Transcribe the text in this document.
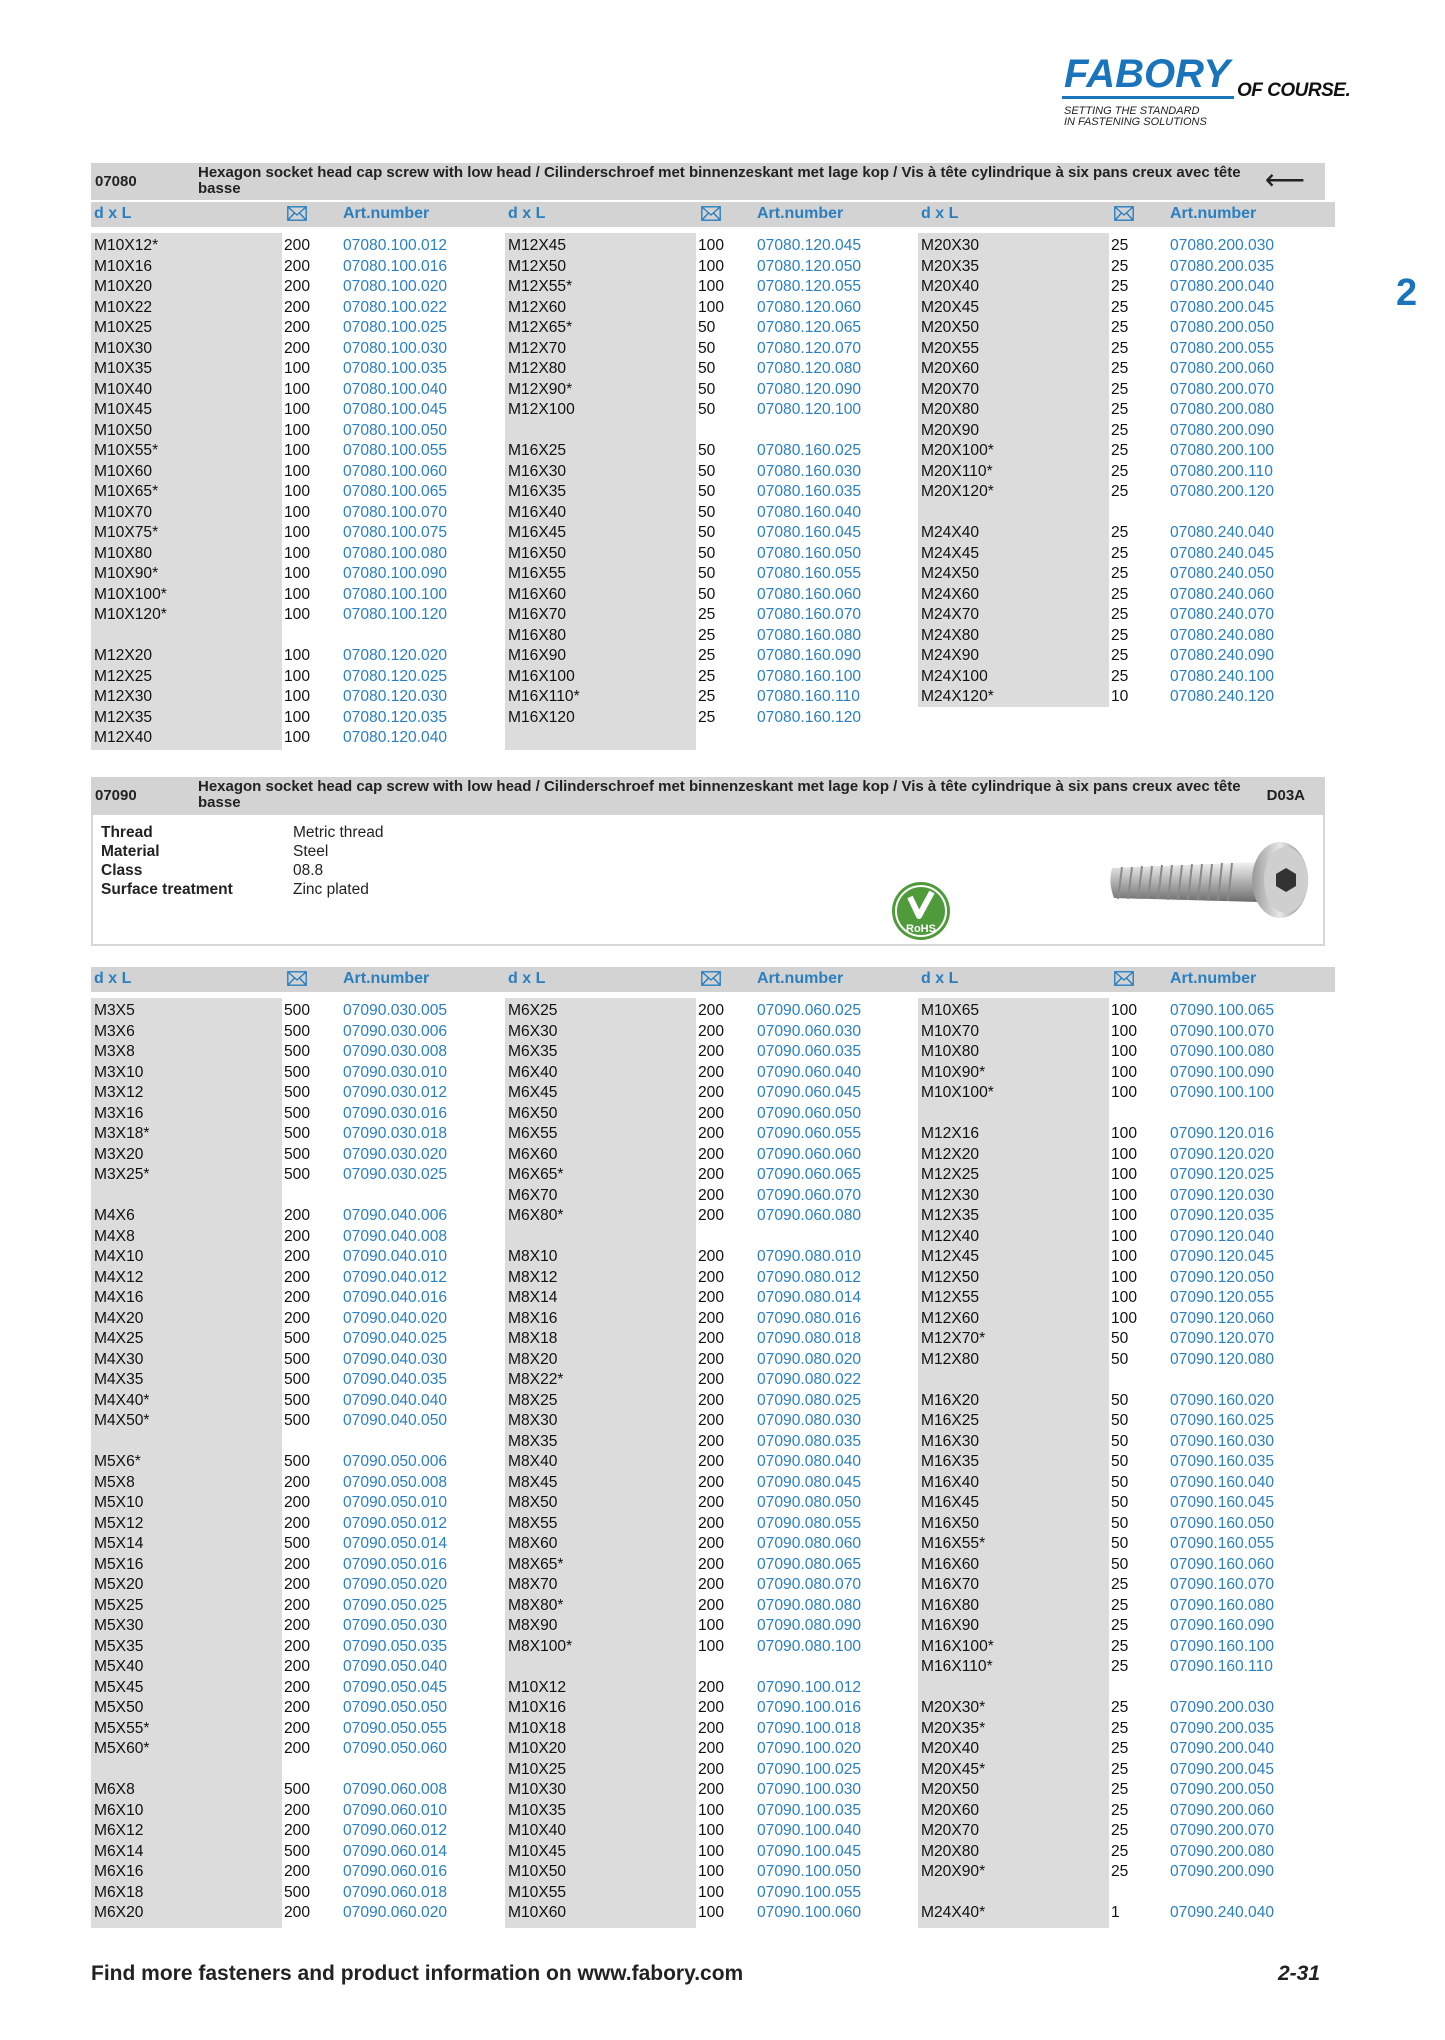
FABORY OF COURSE.
SETTING THE STANDARD
IN FASTENING SOLUTIONS
2
07080
Hexagon socket head cap screw with low head / Cilinderschroef met binnenzeskant met lage kop / Vis à tête cylindrique à six pans creux avec tête basse	⟵
d x L	Art.number
M10X12*	200 07080.100.012
M10X16	200 07080.100.016
M10X20	200 07080.100.020
M10X22	200 07080.100.022
M10X25	200 07080.100.025
M10X30	200 07080.100.030
M10X35	100 07080.100.035
M10X40	100 07080.100.040
M10X45	100 07080.100.045
M10X50	100 07080.100.050
M10X55*	100 07080.100.055
M10X60	100 07080.100.060
M10X65*	100 07080.100.065
M10X70	100 07080.100.070
M10X75*	100 07080.100.075
M10X80	100 07080.100.080
M10X90*	100 07080.100.090
M10X100*	100 07080.100.100
M10X120*	100 07080.100.120
M12X20	100 07080.120.020
M12X25	100 07080.120.025
M12X30	100 07080.120.030
M12X35	100 07080.120.035
M12X40	100 07080.120.040
d x L	Art.number
M12X45	100 07080.120.045
M12X50	100 07080.120.050
M12X55*	100 07080.120.055
M12X60	100 07080.120.060
M12X65*	50	07080.120.065
M12X70	50	07080.120.070
M12X80	50	07080.120.080
M12X90*	50	07080.120.090
M12X100	50	07080.120.100
M16X25	50	07080.160.025
M16X30	50	07080.160.030
M16X35	50	07080.160.035
M16X40	50	07080.160.040
M16X45	50	07080.160.045
M16X50	50	07080.160.050
M16X55	50	07080.160.055
M16X60	50	07080.160.060
M16X70	25	07080.160.070
M16X80	25	07080.160.080
M16X90	25	07080.160.090
M16X100	25	07080.160.100
M16X110*	25	07080.160.110
M16X120	25	07080.160.120
d x L	Art.number
M20X30	25	07080.200.030
M20X35	25	07080.200.035
M20X40	25	07080.200.040
M20X45	25	07080.200.045
M20X50	25	07080.200.050
M20X55	25	07080.200.055
M20X60	25	07080.200.060
M20X70	25	07080.200.070
M20X80	25	07080.200.080
M20X90	25	07080.200.090
M20X100*	25	07080.200.100
M20X110*	25	07080.200.110
M20X120*	25	07080.200.120
M24X40	25	07080.240.040
M24X45	25	07080.240.045
M24X50	25	07080.240.050
M24X60	25	07080.240.060
M24X70	25	07080.240.070
M24X80	25	07080.240.080
M24X90	25	07080.240.090
M24X100	25	07080.240.100
M24X120*	10	07080.240.120
07090
Hexagon socket head cap screw with low head / Cilinderschroef met binnenzeskant met lage kop / Vis à tête cylindrique à six pans creux avec tête basse	D03A
Thread	Metric thread
Material	Steel
Class	08.8
Surface treatment	Zinc plated
RoHS
d x L	Art.number
M3X5	500 07090.030.005
M3X6	500 07090.030.006
M3X8	500 07090.030.008
M3X10	500 07090.030.010
M3X12	500 07090.030.012
M3X16	500 07090.030.016
M3X18*	500 07090.030.018
M3X20	500 07090.030.020
M3X25*	500 07090.030.025
M4X6	200 07090.040.006
M4X8	200 07090.040.008
M4X10	200 07090.040.010
M4X12	200 07090.040.012
M4X16	200 07090.040.016
M4X20	200 07090.040.020
M4X25	500 07090.040.025
M4X30	500 07090.040.030
M4X35	500 07090.040.035
M4X40*	500 07090.040.040
M4X50*	500 07090.040.050
M5X6*	500 07090.050.006
M5X8	200 07090.050.008
M5X10	200 07090.050.010
M5X12	200 07090.050.012
M5X14	500 07090.050.014
M5X16	200 07090.050.016
M5X20	200 07090.050.020
M5X25	200 07090.050.025
M5X30	200 07090.050.030
M5X35	200 07090.050.035
M5X40	200 07090.050.040
M5X45	200 07090.050.045
M5X50	200 07090.050.050
M5X55*	200 07090.050.055
M5X60*	200 07090.050.060
M6X8	500 07090.060.008
M6X10	200 07090.060.010
M6X12	200 07090.060.012
M6X14	500 07090.060.014
M6X16	200 07090.060.016
M6X18	500 07090.060.018
M6X20	200 07090.060.020
d x L	Art.number
M6X25	200 07090.060.025
M6X30	200 07090.060.030
M6X35	200 07090.060.035
M6X40	200 07090.060.040
M6X45	200 07090.060.045
M6X50	200 07090.060.050
M6X55	200 07090.060.055
M6X60	200 07090.060.060
M6X65*	200 07090.060.065
M6X70	200 07090.060.070
M6X80*	200 07090.060.080
M8X10	200 07090.080.010
M8X12	200 07090.080.012
M8X14	200 07090.080.014
M8X16	200 07090.080.016
M8X18	200 07090.080.018
M8X20	200 07090.080.020
M8X22*	200 07090.080.022
M8X25	200 07090.080.025
M8X30	200 07090.080.030
M8X35	200 07090.080.035
M8X40	200 07090.080.040
M8X45	200 07090.080.045
M8X50	200 07090.080.050
M8X55	200 07090.080.055
M8X60	200 07090.080.060
M8X65*	200 07090.080.065
M8X70	200 07090.080.070
M8X80*	200 07090.080.080
M8X90	100 07090.080.090
M8X100*	100 07090.080.100
M10X12	200 07090.100.012
M10X16	200 07090.100.016
M10X18	200 07090.100.018
M10X20	200 07090.100.020
M10X25	200 07090.100.025
M10X30	200 07090.100.030
M10X35	100 07090.100.035
M10X40	100 07090.100.040
M10X45	100 07090.100.045
M10X50	100 07090.100.050
M10X55	100 07090.100.055
M10X60	100 07090.100.060
d x L	Art.number
M10X65	100 07090.100.065
M10X70	100 07090.100.070
M10X80	100 07090.100.080
M10X90*	100 07090.100.090
M10X100*	100 07090.100.100
M12X16	100 07090.120.016
M12X20	100 07090.120.020
M12X25	100 07090.120.025
M12X30	100 07090.120.030
M12X35	100 07090.120.035
M12X40	100 07090.120.040
M12X45	100 07090.120.045
M12X50	100 07090.120.050
M12X55	100 07090.120.055
M12X60	100 07090.120.060
M12X70*	50	07090.120.070
M12X80	50	07090.120.080
M16X20	50	07090.160.020
M16X25	50	07090.160.025
M16X30	50	07090.160.030
M16X35	50	07090.160.035
M16X40	50	07090.160.040
M16X45	50	07090.160.045
M16X50	50	07090.160.050
M16X55*	50	07090.160.055
M16X60	50	07090.160.060
M16X70	25	07090.160.070
M16X80	25	07090.160.080
M16X90	25	07090.160.090
M16X100*	25	07090.160.100
M16X110*	25	07090.160.110
M20X30*	25	07090.200.030
M20X35*	25	07090.200.035
M20X40	25	07090.200.040
M20X45*	25	07090.200.045
M20X50	25	07090.200.050
M20X60	25	07090.200.060
M20X70	25	07090.200.070
M20X80	25	07090.200.080
M20X90*	25	07090.200.090
M24X40*	1	07090.240.040
Find more fasteners and product information on www.fabory.com	2-31
